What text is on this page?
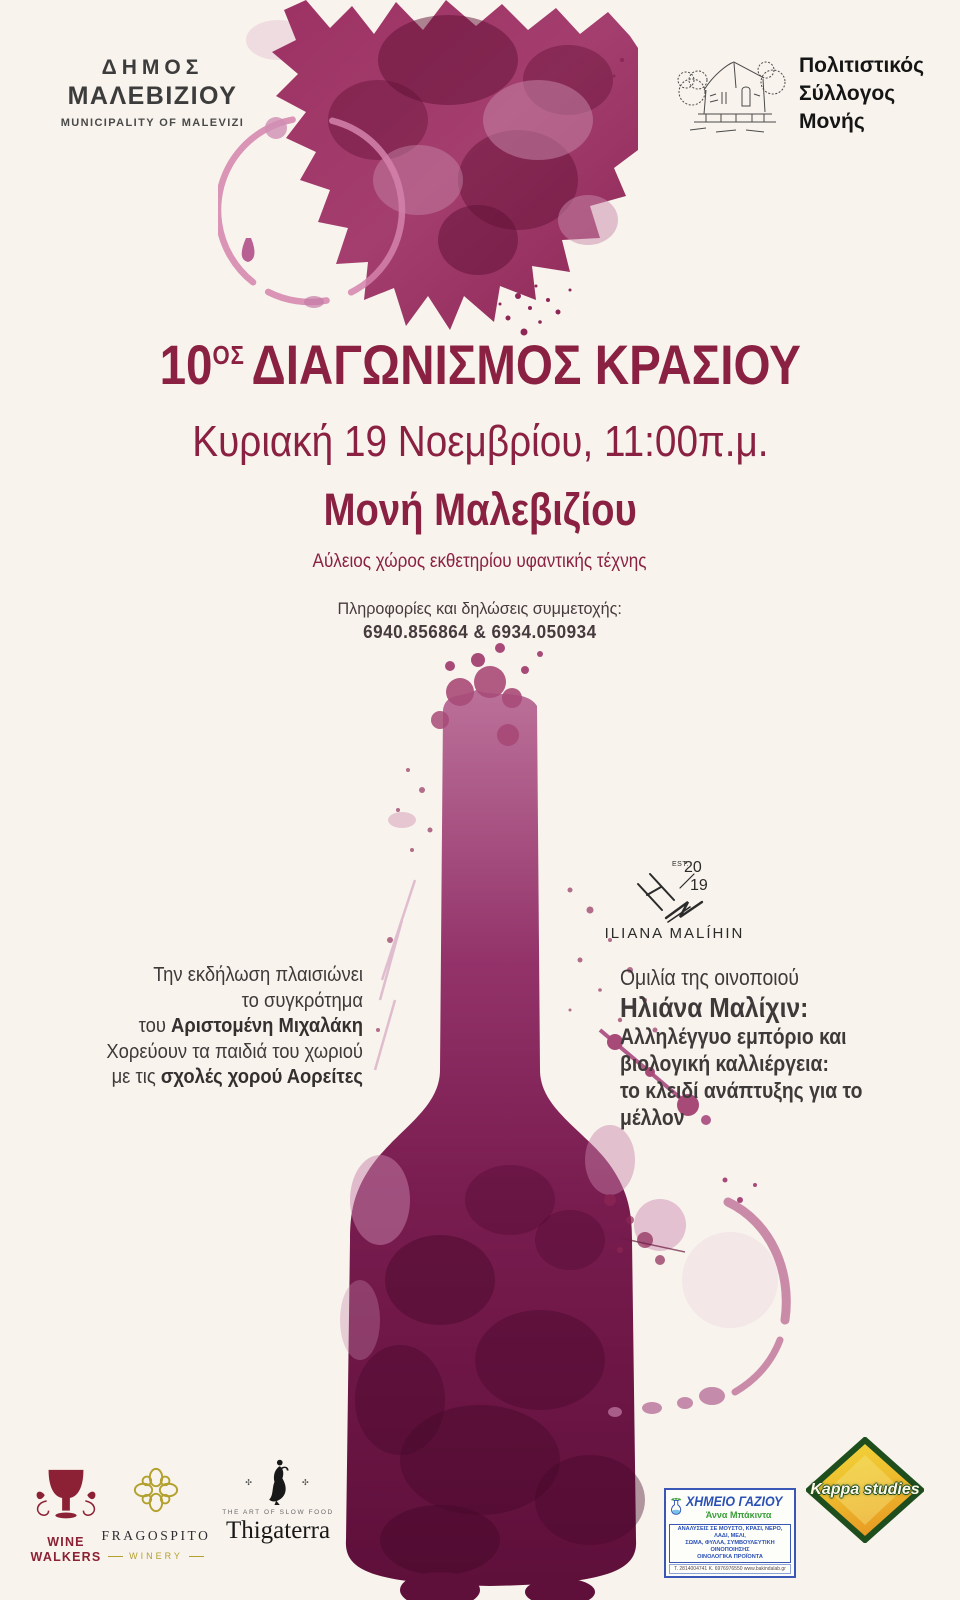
ΔΗΜΟΣ
ΜΑΛΕΒΙΖΙΟΥ
MUNICIPALITY OF MALEVIZI
Πολιτιστικός
Σύλλογος
Μονής
10ΟΣ ΔΙΑΓΩΝΙΣΜΟΣ ΚΡΑΣΙΟΥ
Κυριακή 19 Νοεμβρίου, 11:00π.μ.
Μονή Μαλεβιζίου
Αύλειος χώρος εκθετηρίου υφαντικής τέχνης
Πληροφορίες και δηλώσεις συμμετοχής:
6940.856864 & 6934.050934
Την εκδήλωση πλαισιώνει
το συγκρότημα
του Αριστομένη Μιχαλάκη
Χορεύουν τα παιδιά του χωριού
με τις σχολές χορού Αορείτες
EST.
20
19
ILIANA MALÍHIN
Ομιλία της οινοποιού
Ηλιάνα Μαλίχιν:
Αλληλέγγυο εμπόριο και
βιολογική καλλιέργεια:
το κλειδί ανάπτυξης για το μέλλον
WINE
WALKERS
FRAGOSPITO
WINERY
✣	✣
THE ART OF SLOW FOOD
Thigaterra
ΧΗΜΕΙΟ ΓΑΖΙΟΥ
Άννα Μπάκιντα
ΑΝΑΛΥΣΕΙΣ ΣΕ ΜΟΥΣΤΟ, ΚΡΑΣΙ, ΝΕΡΟ, ΛΑΔΙ, ΜΕΛΙ,
ΣΩΜΑ, ΦΥΛΛΑ, ΣΥΜΒΟΥΛΕΥΤΙΚΗ ΟΙΝΟΠΟΙΗΣΗΣ
ΟΙΝΟΛΟΓΙΚΑ ΠΡΟΪΟΝΤΑ
Τ. 2814004741 Κ. 6976976550 www.bakindalab.gr
Kappa studies
